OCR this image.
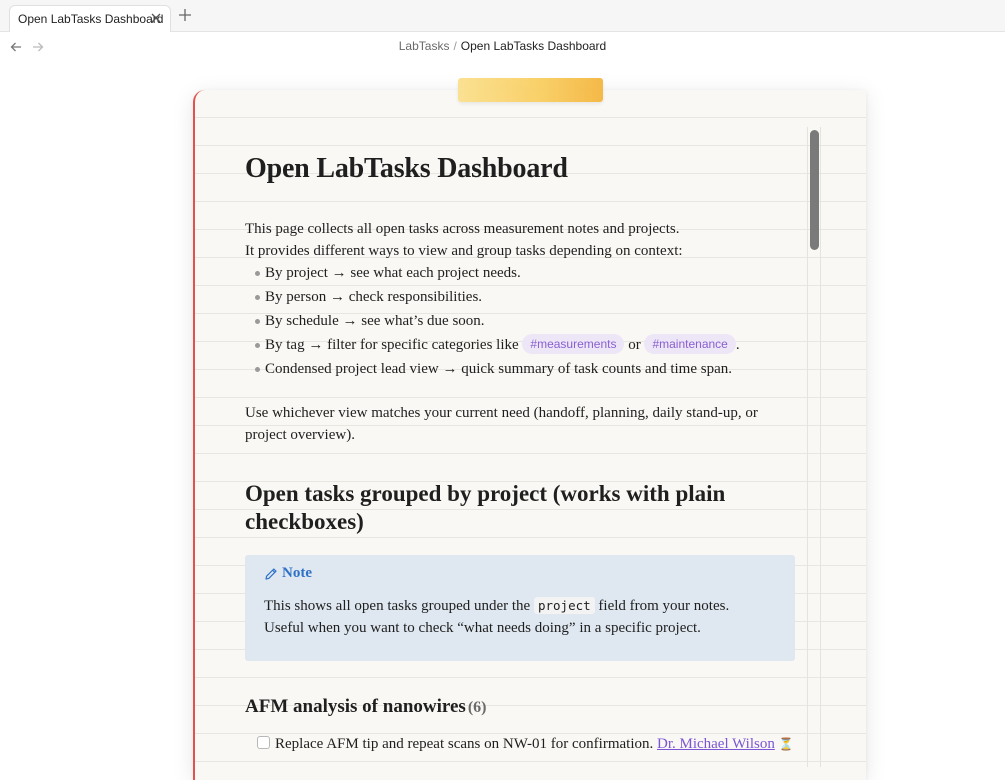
Open LabTasks Dashboard
LabTasks / Open LabTasks Dashboard
Open LabTasks Dashboard
This page collects all open tasks across measurement notes and projects.
It provides different ways to view and group tasks depending on context:
By project → see what each project needs.
By person → check responsibilities.
By schedule → see what’s due soon.
By tag → filter for specific categories like #measurements or #maintenance .
Condensed project lead view → quick summary of task counts and time span.
Use whichever view matches your current need (handoff, planning, daily stand-up, or project overview).
Open tasks grouped by project (works with plain checkboxes)
Note
This shows all open tasks grouped under the project field from your notes.
Useful when you want to check “what needs doing” in a specific project.
AFM analysis of nanowires (6)
Replace AFM tip and repeat scans on NW-01 for confirmation. Dr. Michael Wilson ⏳
